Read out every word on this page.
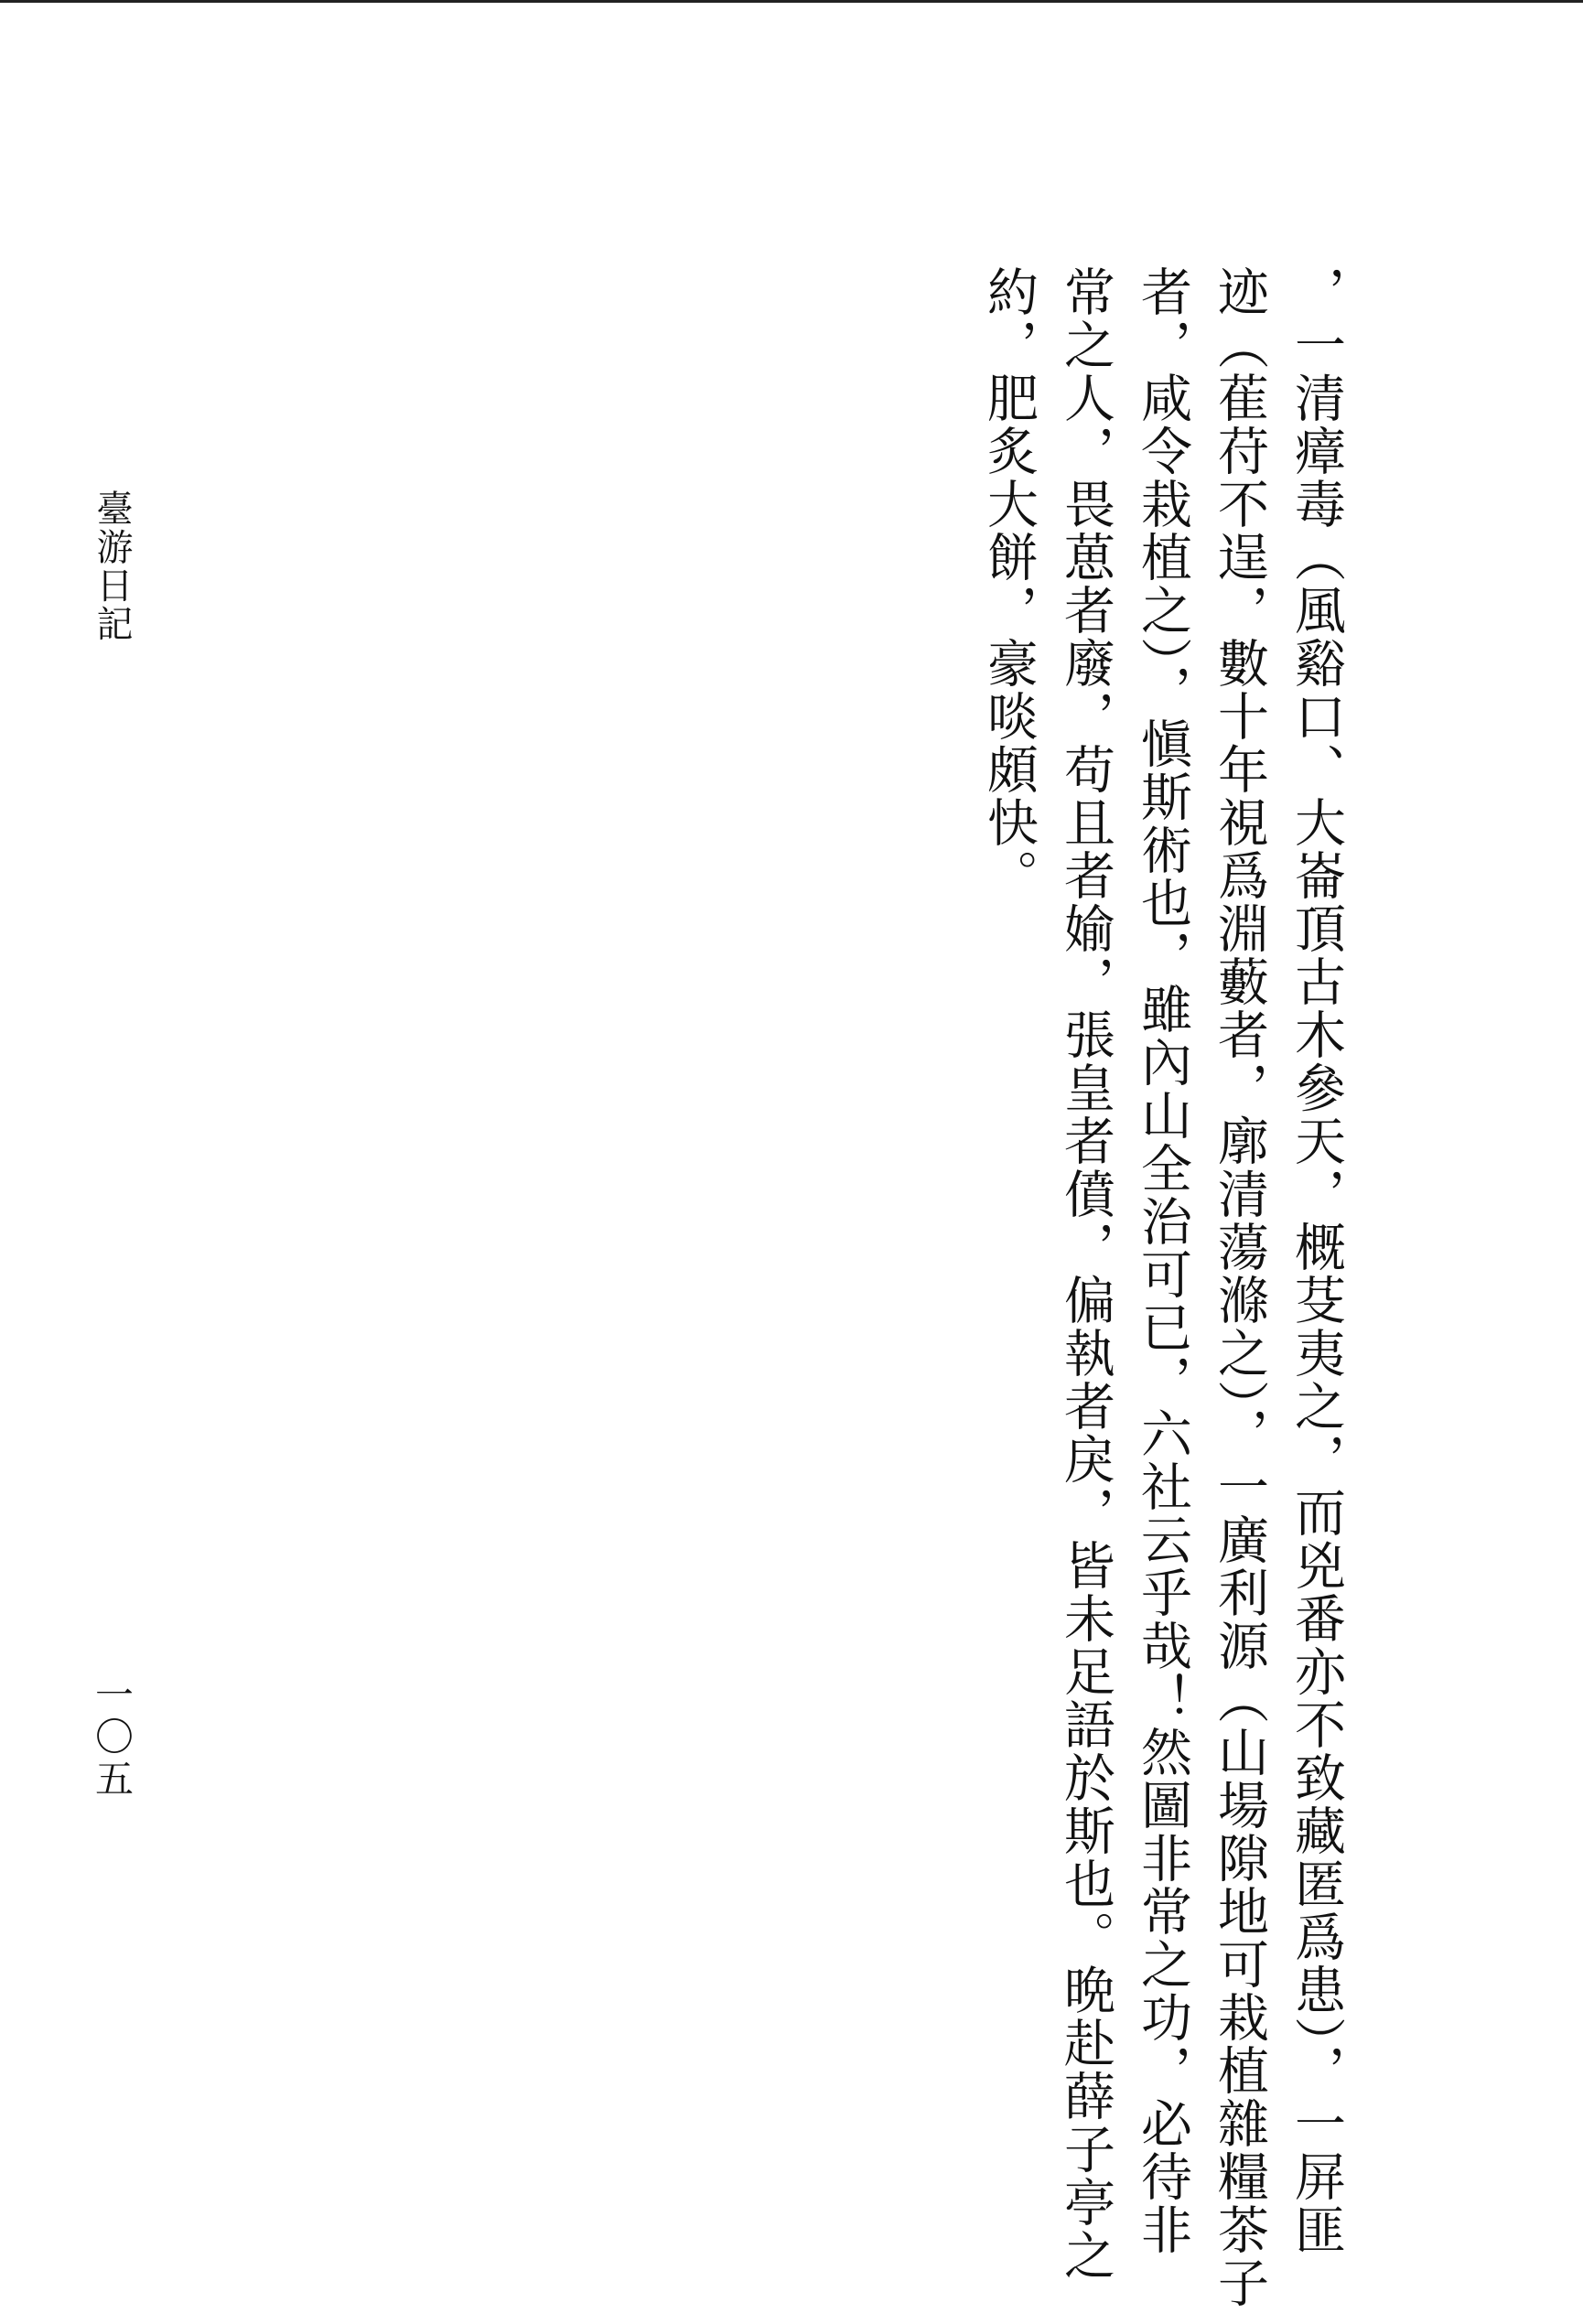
，一清瘴毒（風谿口、大崙頂古木參天，概芟夷之，而兇番亦不致藏匿爲患），一屏匪
迹（萑苻不逞，數十年視爲淵藪者，廓清蕩滌之），一廣利源（山場隙地可栽植雜糧茶子
者，咸令栽植之），愼斯術也，雖內山全治可已，六社云乎哉！然圖非常之功，必待非
常之人，畏葸者廢，苟且者媮，張皇者僨，偏執者戾，皆未足語於斯也。晩赴薛子亭之
約，肥炙大餅，豪啖頗快。
臺游日記
一〇五
